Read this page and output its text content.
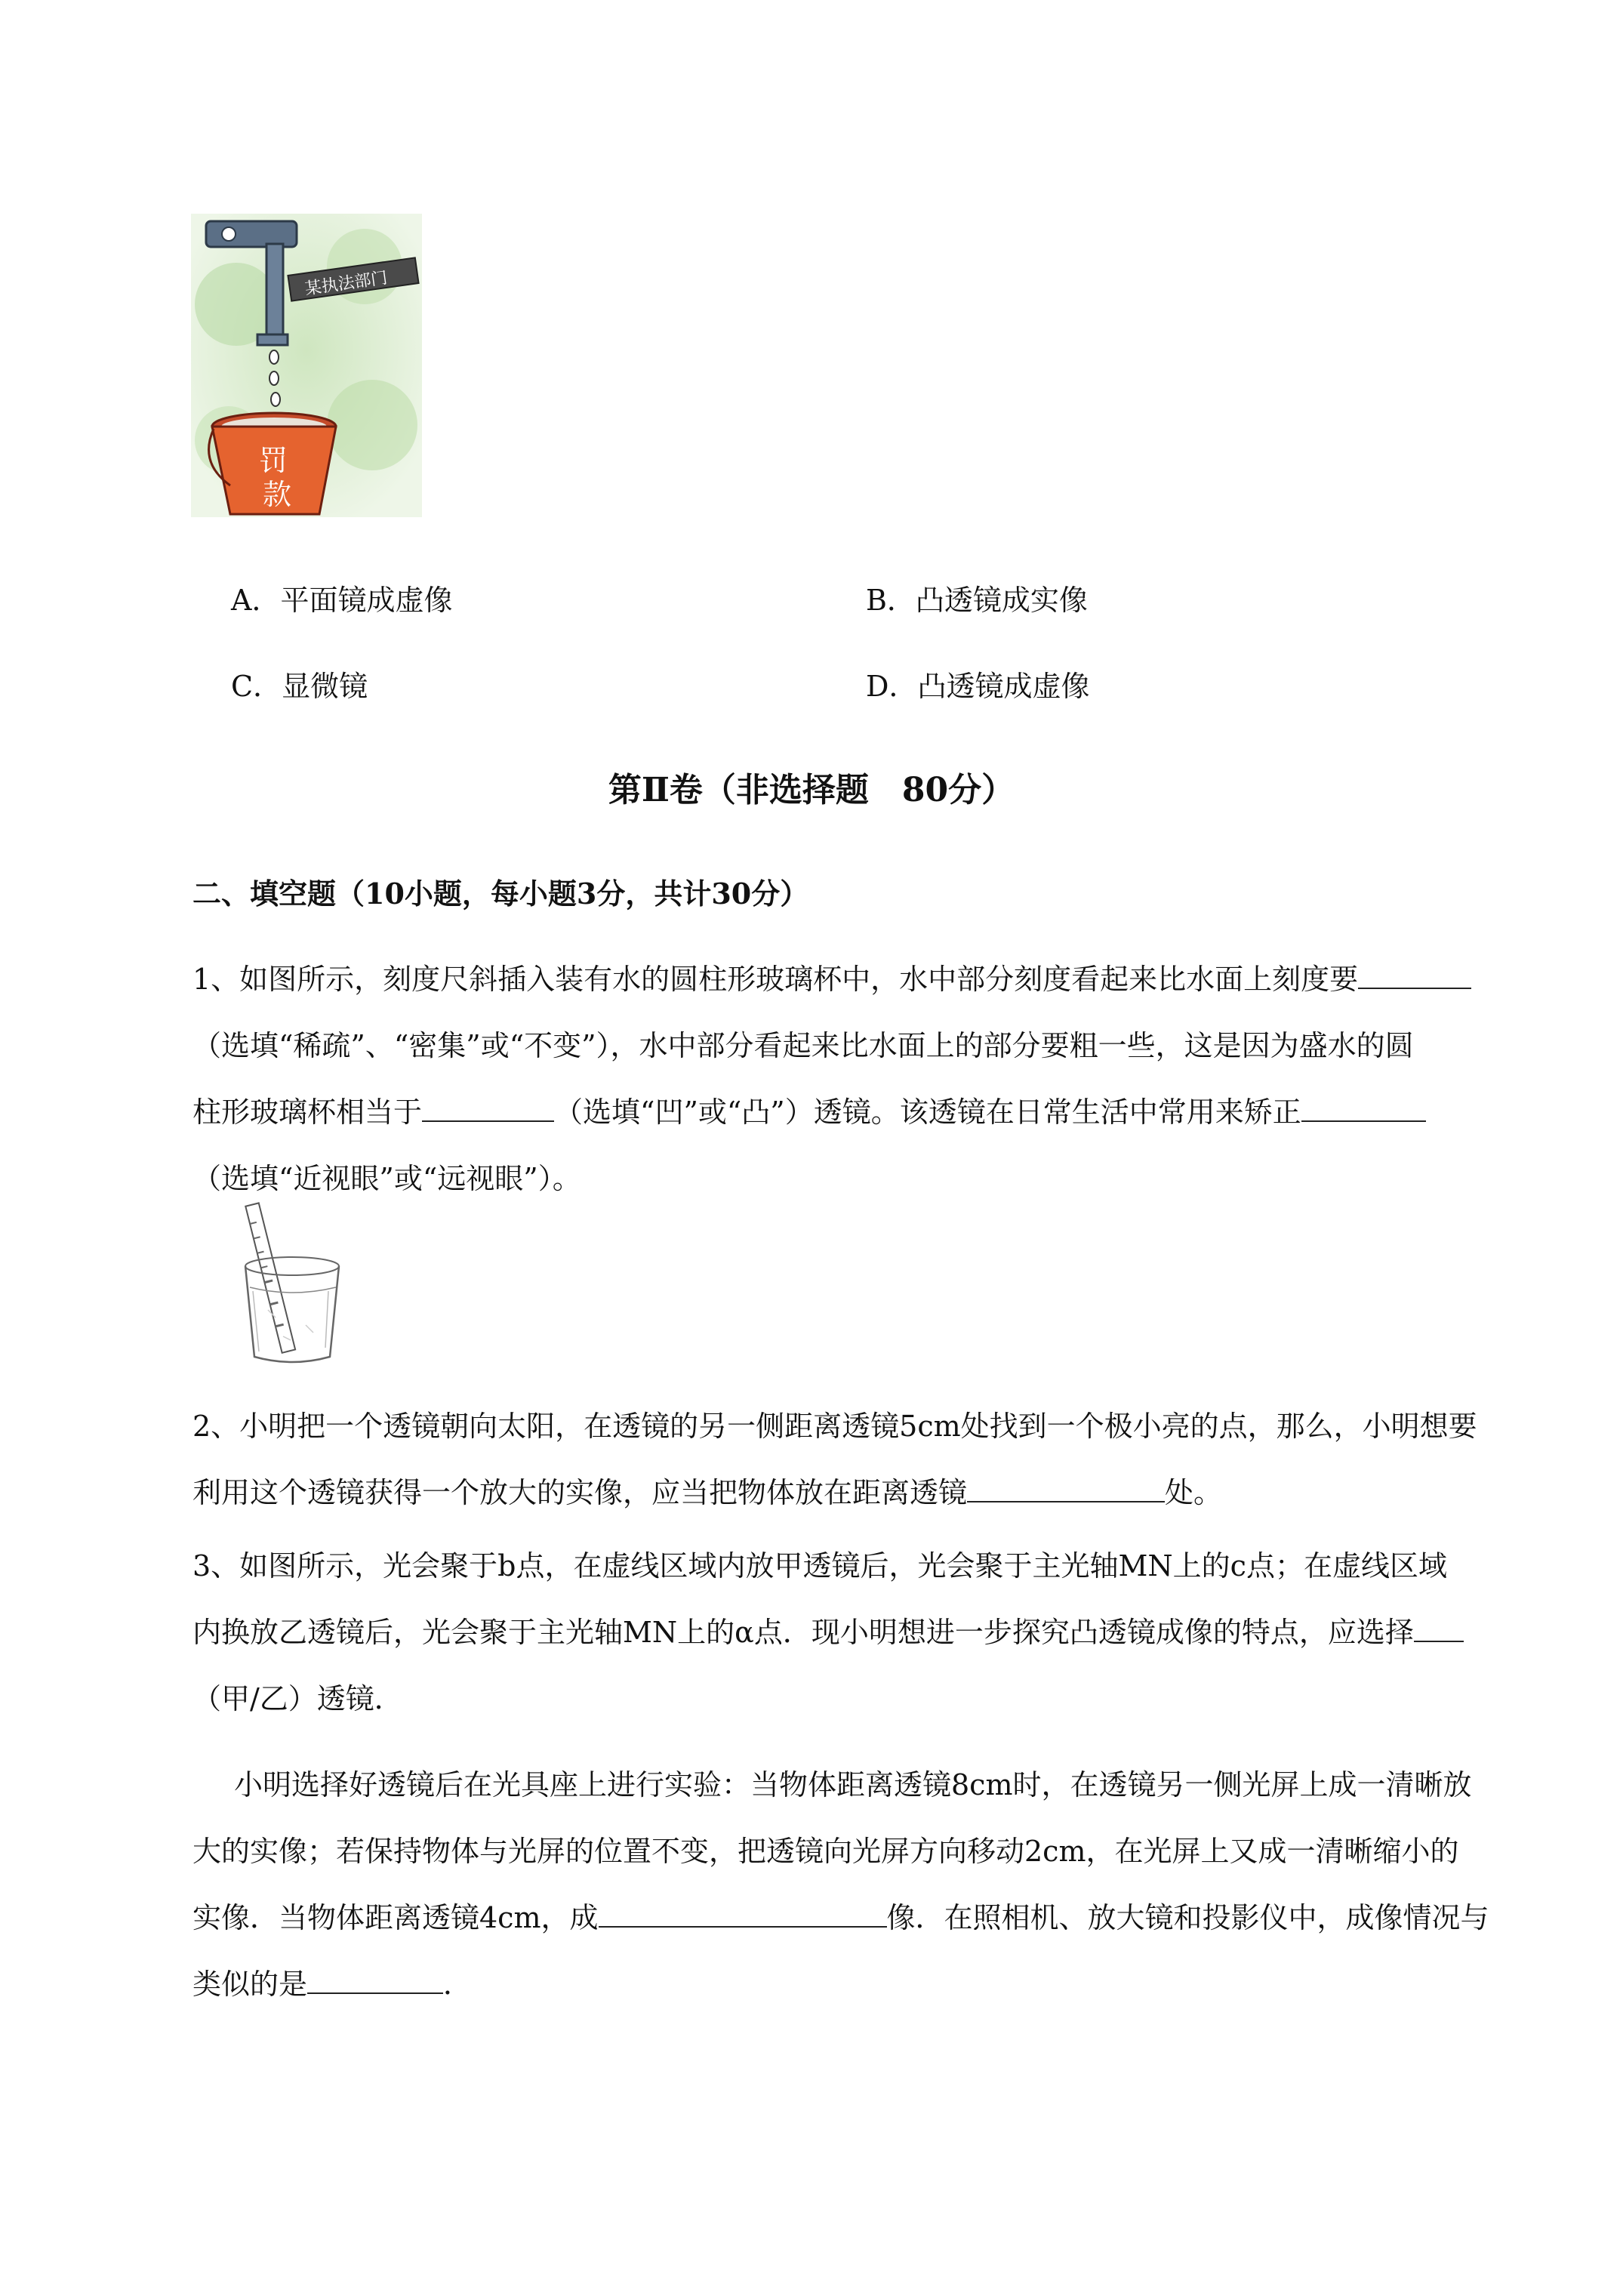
某执法部门
罚
款
A．平面镜成虚像	B．凸透镜成实像
C．显微镜	D．凸透镜成虚像
第Ⅱ卷（非选择题　80分）
二、填空题（10小题，每小题3分，共计30分）
1、如图所示，刻度尺斜插入装有水的圆柱形玻璃杯中，水中部分刻度看起来比水面上刻度要
（选填“稀疏”、“密集”或“不变”），水中部分看起来比水面上的部分要粗一些，这是因为盛水的圆
柱形玻璃杯相当于	（选填“凹”或“凸”）透镜。该透镜在日常生活中常用来矫正
（选填“近视眼”或“远视眼”）。
2、小明把一个透镜朝向太阳，在透镜的另一侧距离透镜5cm处找到一个极小亮的点，那么，小明想要
利用这个透镜获得一个放大的实像，应当把物体放在距离透镜	处。
3、如图所示，光会聚于b点，在虚线区域内放甲透镜后，光会聚于主光轴MN上的c点；在虚线区域
内换放乙透镜后，光会聚于主光轴MN上的α点．现小明想进一步探究凸透镜成像的特点，应选择
（甲/乙）透镜．
小明选择好透镜后在光具座上进行实验：当物体距离透镜8cm时，在透镜另一侧光屏上成一清晰放
大的实像；若保持物体与光屏的位置不变，把透镜向光屏方向移动2cm，在光屏上又成一清晰缩小的
实像．当物体距离透镜4cm，成	像．在照相机、放大镜和投影仪中，成像情况与
类似的是	．
